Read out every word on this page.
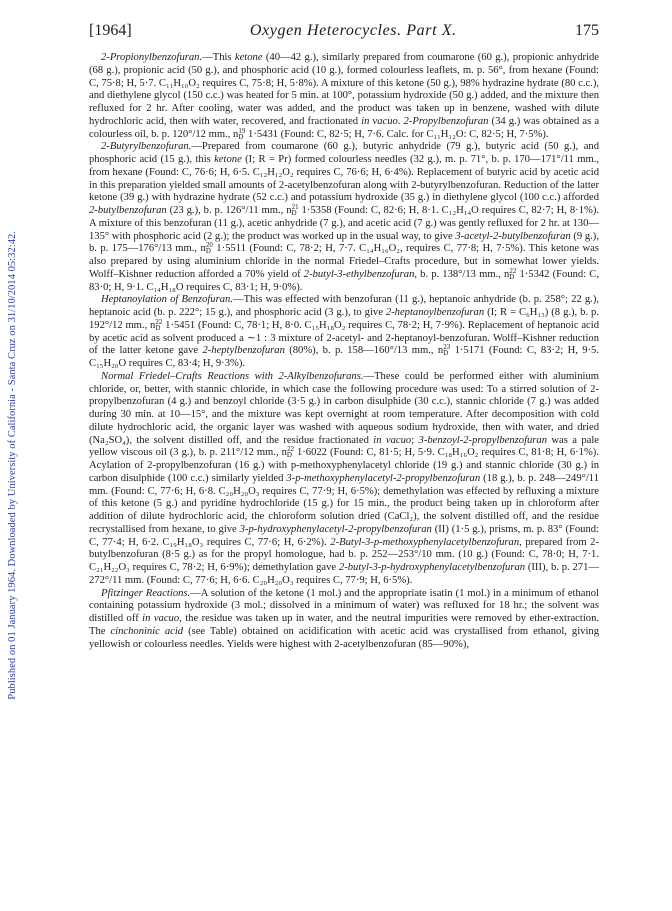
Published on 01 January 1964. Downloaded by University of California - Santa Cruz on 31/10/2014 05:32:42.
[1964]	Oxygen Heterocycles. Part X.	175

2-Propionylbenzofuran.—This ketone (40—42 g.), similarly prepared from coumarone (60 g.), propionic anhydride (68 g.), propionic acid (50 g.), and phosphoric acid (10 g.), formed colourless leaflets, m. p. 56°, from hexane (Found: C, 75·8; H, 5·7. C₁₁H₁₀O₂ requires C, 75·8; H, 5·8%). A mixture of this ketone (50 g.), 98% hydrazine hydrate (80 c.c.), and diethylene glycol (150 c.c.) was heated for 5 min. at 100°, potassium hydroxide (50 g.) added, and the mixture then refluxed for 2 hr. After cooling, water was added, and the product was taken up in benzene, washed with dilute hydrochloric acid, then with water, recovered, and fractionated in vacuo. 2-Propylbenzofuran (34 g.) was obtained as a colourless oil, b. p. 120°/12 mm., $n_D^{19}$ 1·5431 (Found: C, 82·5; H, 7·6. Calc. for C₁₁H₁₂O: C, 82·5; H, 7·5%).

2-Butyrylbenzofuran.—Prepared from coumarone (60 g.), butyric anhydride (79 g.), butyric acid (50 g.), and phosphoric acid (15 g.), this ketone (I; R = Pr) formed colourless needles (32 g.), m. p. 71°, b. p. 170—171°/11 mm., from hexane (Found: C, 76·6; H, 6·5. C₁₂H₁₂O₂ requires C, 76·6; H, 6·4%). Replacement of butyric acid by acetic acid in this preparation yielded small amounts of 2-acetylbenzofuran along with 2-butyrylbenzofuran. Reduction of the latter ketone (39 g.) with hydrazine hydrate (52 c.c.) and potassium hydroxide (35 g.) in diethylene glycol (100 c.c.) afforded 2-butylbenzofuran (23 g.), b. p. 126°/11 mm., $n_D^{21}$ 1·5358 (Found: C, 82·6; H, 8·1. C₁₂H₁₄O requires C, 82·7; H, 8·1%). A mixture of this benzofuran (11 g.), acetic anhydride (7 g.), and acetic acid (7 g.) was gently refluxed for 2 hr. at 130—135° with phosphoric acid (2 g.); the product was worked up in the usual way, to give 3-acetyl-2-butylbenzofuran (9 g.), b. p. 175—176°/13 mm., $n_D^{20}$ 1·5511 (Found: C, 78·2; H, 7·7. C₁₄H₁₆O₂, requires C, 77·8; H, 7·5%). This ketone was also prepared by using aluminium chloride in the normal Friedel–Crafts procedure, but in somewhat lower yields. Wolff–Kishner reduction afforded a 70% yield of 2-butyl-3-ethylbenzofuran, b. p. 138°/13 mm., $n_D^{22}$ 1·5342 (Found: C, 83·0; H, 9·1. C₁₄H₁₈O requires C, 83·1; H, 9·0%).

Heptanoylation of Benzofuran.—This was effected with benzofuran (11 g.), heptanoic anhydride (b. p. 258°; 22 g.), heptanoic acid (b. p. 222°; 15 g.), and phosphoric acid (3 g.), to give 2-heptanoylbenzofuran (I; R = C₆H₁₃) (8 g.), b. p. 192°/12 mm., $n_D^{22}$ 1·5451 (Found: C, 78·1; H, 8·0. C₁₅H₁₈O₂ requires C, 78·2; H, 7·9%). Replacement of heptanoic acid by acetic acid as solvent produced a ∼1 : 3 mixture of 2-acetyl- and 2-heptanoyl-benzofuran. Wolff–Kishner reduction of the latter ketone gave 2-heptylbenzofuran (80%), b. p. 158—160°/13 mm., $n_D^{23}$ 1·5171 (Found: C, 83·2; H, 9·5. C₁₅H₂₀O requires C, 83·4; H, 9·3%).

Normal Friedel–Crafts Reactions with 2-Alkylbenzofurans.—These could be performed either with aluminium chloride, or, better, with stannic chloride, in which case the following procedure was used: To a stirred solution of 2-propylbenzofuran (4 g.) and benzoyl chloride (3·5 g.) in carbon disulphide (30 c.c.), stannic chloride (7 g.) was added during 30 min. at 10—15°, and the mixture was kept overnight at room temperature. After decomposition with cold dilute hydrochloric acid, the organic layer was washed with aqueous sodium hydroxide, then with water, and dried (Na₂SO₄), the solvent distilled off, and the residue fractionated in vacuo; 3-benzoyl-2-propylbenzofuran was a pale yellow viscous oil (3 g.), b. p. 211°/12 mm., $n_D^{22}$ 1·6022 (Found: C, 81·5; H, 5·9. C₁₈H₁₆O₂ requires C, 81·8; H, 6·1%). Acylation of 2-propylbenzofuran (16 g.) with p-methoxyphenylacetyl chloride (19 g.) and stannic chloride (30 g.) in carbon disulphide (100 c.c.) similarly yielded 3-p-methoxyphenylacetyl-2-propylbenzofuran (18 g.), b. p. 248—249°/11 mm. (Found: C, 77·6; H, 6·8. C₂₀H₂₀O₃ requires C, 77·9; H, 6·5%); demethylation was effected by refluxing a mixture of this ketone (5 g.) and pyridine hydrochloride (15 g.) for 15 min., the product being taken up in chloroform after addition of dilute hydrochloric acid, the chloroform solution dried (CaCl₂), the solvent distilled off, and the residue recrystallised from hexane, to give 3-p-hydroxyphenylacetyl-2-propylbenzofuran (II) (1·5 g.), prisms, m. p. 83° (Found: C, 77·4; H, 6·2. C₁₉H₁₈O₃ requires C, 77·6; H, 6·2%). 2-Butyl-3-p-methoxyphenylacetylbenzofuran, prepared from 2-butylbenzofuran (8·5 g.) as for the propyl homologue, had b. p. 252—253°/10 mm. (10 g.) (Found: C, 78·0; H, 7·1. C₂₁H₂₂O₃ requires C, 78·2; H, 6·9%); demethylation gave 2-butyl-3-p-hydroxyphenylacetylbenzofuran (III), b. p. 271—272°/11 mm. (Found: C, 77·6; H, 6·6. C₂₀H₂₀O₃ requires C, 77·9; H, 6·5%).

Pfitzinger Reactions.—A solution of the ketone (1 mol.) and the appropriate isatin (1 mol.) in a minimum of ethanol containing potassium hydroxide (3 mol.; dissolved in a minimum of water) was refluxed for 18 hr.; the solvent was distilled off in vacuo, the residue was taken up in water, and the neutral impurities were removed by ether-extraction. The cinchoninic acid (see Table) obtained on acidification with acetic acid was crystallised from ethanol, giving yellowish or colourless needles. Yields were highest with 2-acetylbenzofuran (85—90%),
